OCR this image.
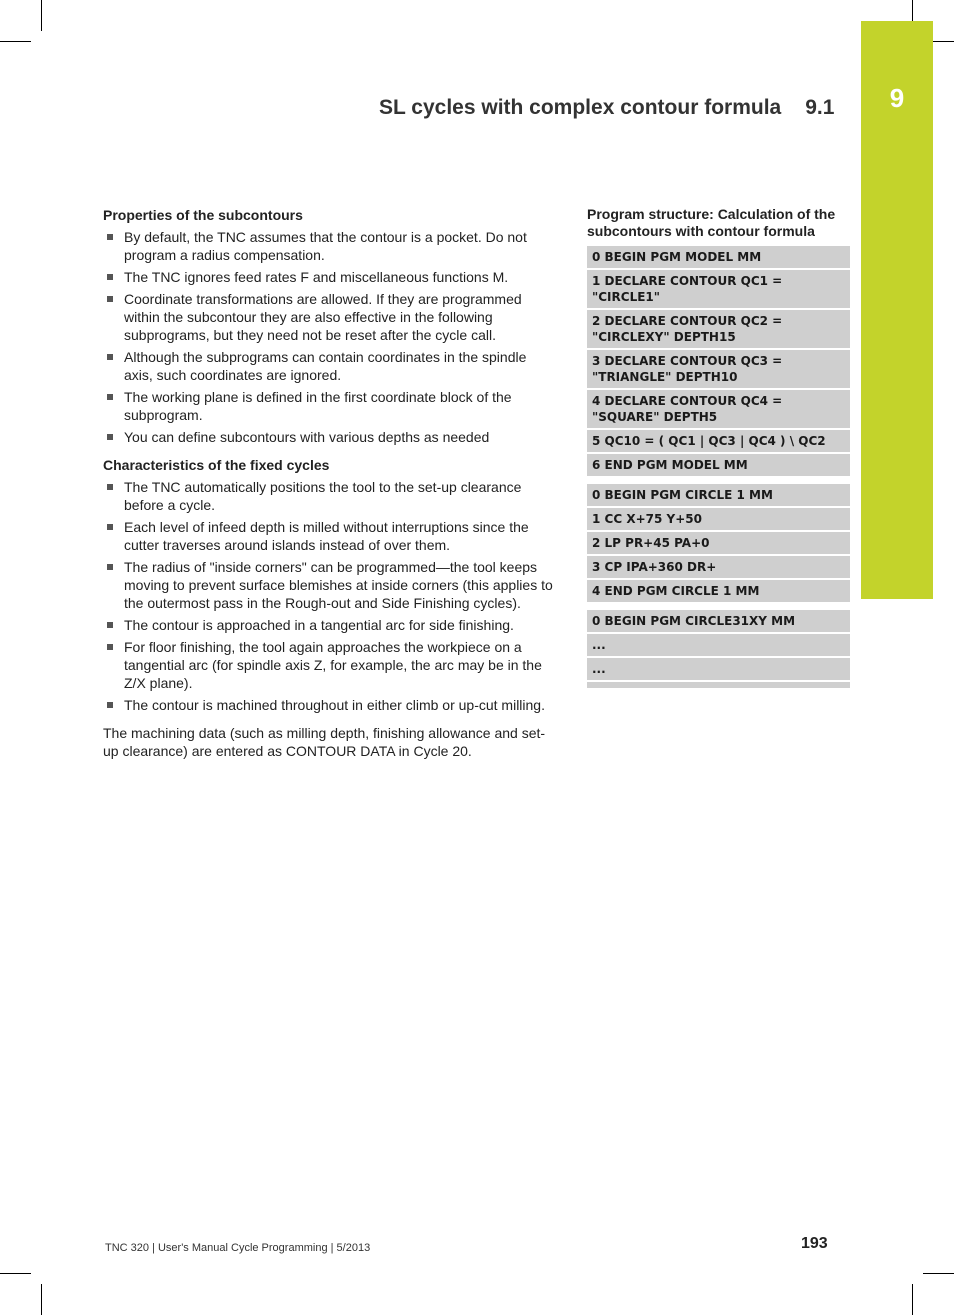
9
SL cycles with complex contour formula 9.1
Properties of the subcontours
By default, the TNC assumes that the contour is a pocket. Do not program a radius compensation.
The TNC ignores feed rates F and miscellaneous functions M.
Coordinate transformations are allowed. If they are programmed within the subcontour they are also effective in the following subprograms, but they need not be reset after the cycle call.
Although the subprograms can contain coordinates in the spindle axis, such coordinates are ignored.
The working plane is defined in the first coordinate block of the subprogram.
You can define subcontours with various depths as needed
Characteristics of the fixed cycles
The TNC automatically positions the tool to the set-up clearance before a cycle.
Each level of infeed depth is milled without interruptions since the cutter traverses around islands instead of over them.
The radius of "inside corners" can be programmed—the tool keeps moving to prevent surface blemishes at inside corners (this applies to the outermost pass in the Rough-out and Side Finishing cycles).
The contour is approached in a tangential arc for side finishing.
For floor finishing, the tool again approaches the workpiece on a tangential arc (for spindle axis Z, for example, the arc may be in the Z/X plane).
The contour is machined throughout in either climb or up-cut milling.

The machining data (such as milling depth, finishing allowance and set-up clearance) are entered as CONTOUR DATA in Cycle 20.

Program structure: Calculation of the subcontours with contour formula
0 BEGIN PGM MODEL MM
1 DECLARE CONTOUR QC1 = "CIRCLE1"
2 DECLARE CONTOUR QC2 = "CIRCLEXY" DEPTH15
3 DECLARE CONTOUR QC3 = "TRIANGLE" DEPTH10
4 DECLARE CONTOUR QC4 = "SQUARE" DEPTH5
5 QC10 = ( QC1 | QC3 | QC4 ) \ QC2
6 END PGM MODEL MM
0 BEGIN PGM CIRCLE 1 MM
1 CC X+75 Y+50
2 LP PR+45 PA+0
3 CP IPA+360 DR+
4 END PGM CIRCLE 1 MM
0 BEGIN PGM CIRCLE31XY MM
...
...
TNC 320 | User's Manual Cycle Programming | 5/2013	193
